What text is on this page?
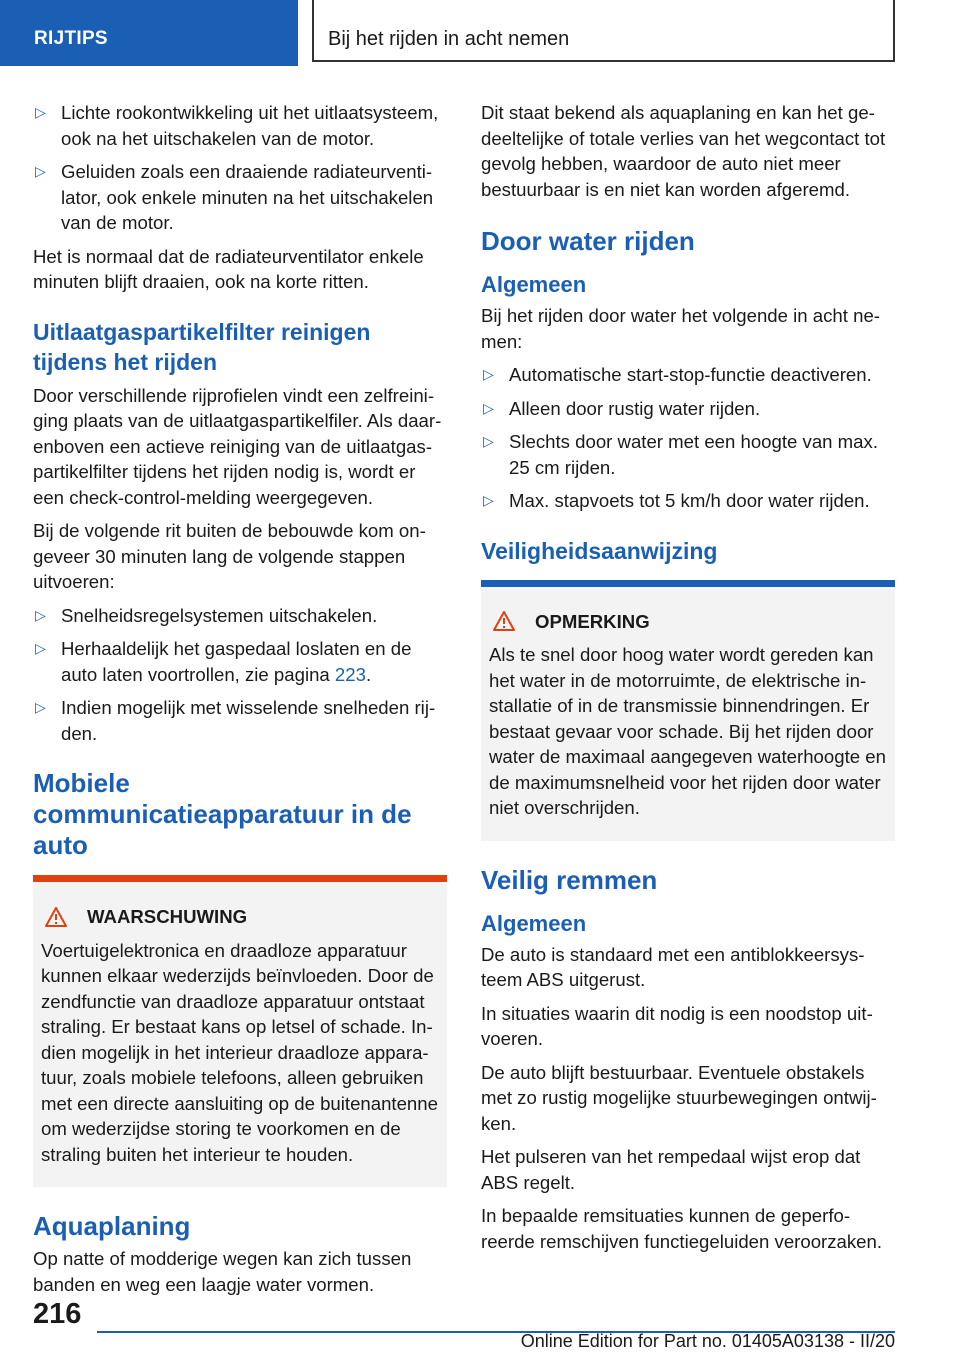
RIJTIPS	Bij het rijden in acht nemen
▷ Lichte rookontwikkeling uit het uitlaatsysteem, ook na het uitschakelen van de motor.
▷ Geluiden zoals een draaiende radiateurventilator, ook enkele minuten na het uitschakelen van de motor.

Het is normaal dat de radiateurventilator enkele minuten blijft draaien, ook na korte ritten.

Uitlaatgaspartikelfilter reinigen tijdens het rijden

Door verschillende rijprofielen vindt een zelfreiniging plaats van de uitlaatgaspartikelfiler. Als daarenboven een actieve reiniging van de uitlaatgaspartikelfilter tijdens het rijden nodig is, wordt er een check-control-melding weergegeven.

Bij de volgende rit buiten de bebouwde kom ongeveer 30 minuten lang de volgende stappen uitvoeren:

▷ Snelheidsregelsystemen uitschakelen.
▷ Herhaaldelijk het gaspedaal loslaten en de auto laten voortrollen, zie pagina 223.
▷ Indien mogelijk met wisselende snelheden rijden.
Mobiele communicatieapparatuur in de auto
WAARSCHUWING

Voertuigelektronica en draadloze apparatuur kunnen elkaar wederzijds beïnvloeden. Door de zendfunctie van draadloze apparatuur ontstaat straling. Er bestaat kans op letsel of schade. Indien mogelijk in het interieur draadloze apparatuur, zoals mobiele telefoons, alleen gebruiken met een directe aansluiting op de buitenantenne om wederzijdse storing te voorkomen en de straling buiten het interieur te houden.

Aquaplaning

Op natte of modderige wegen kan zich tussen banden en weg een laagje water vormen.

Dit staat bekend als aquaplaning en kan het gedeeltelijke of totale verlies van het wegcontact tot gevolg hebben, waardoor de auto niet meer bestuurbaar is en niet kan worden afgeremd.

Door water rijden
Algemeen

Bij het rijden door water het volgende in acht nemen:

▷ Automatische start-stop-functie deactiveren.
▷ Alleen door rustig water rijden.
▷ Slechts door water met een hoogte van max. 25 cm rijden.
▷ Max. stapvoets tot 5 km/h door water rijden.
Veiligheidsaanwijzing
OPMERKING

Als te snel door hoog water wordt gereden kan het water in de motorruimte, de elektrische installatie of in de transmissie binnendringen. Er bestaat gevaar voor schade. Bij het rijden door water de maximaal aangegeven waterhoogte en de maximumsnelheid voor het rijden door water niet overschrijden.

Veilig remmen
Algemeen

De auto is standaard met een antiblokkeersysteem ABS uitgerust.

In situaties waarin dit nodig is een noodstop uitvoeren.

De auto blijft bestuurbaar. Eventuele obstakels met zo rustig mogelijke stuurbewegingen ontwijken.

Het pulseren van het rempedaal wijst erop dat ABS regelt.

In bepaalde remsituaties kunnen de geperforeerde remschijven functiegeluiden veroorzaken.

216
Online Edition for Part no. 01405A03138 - II/20
